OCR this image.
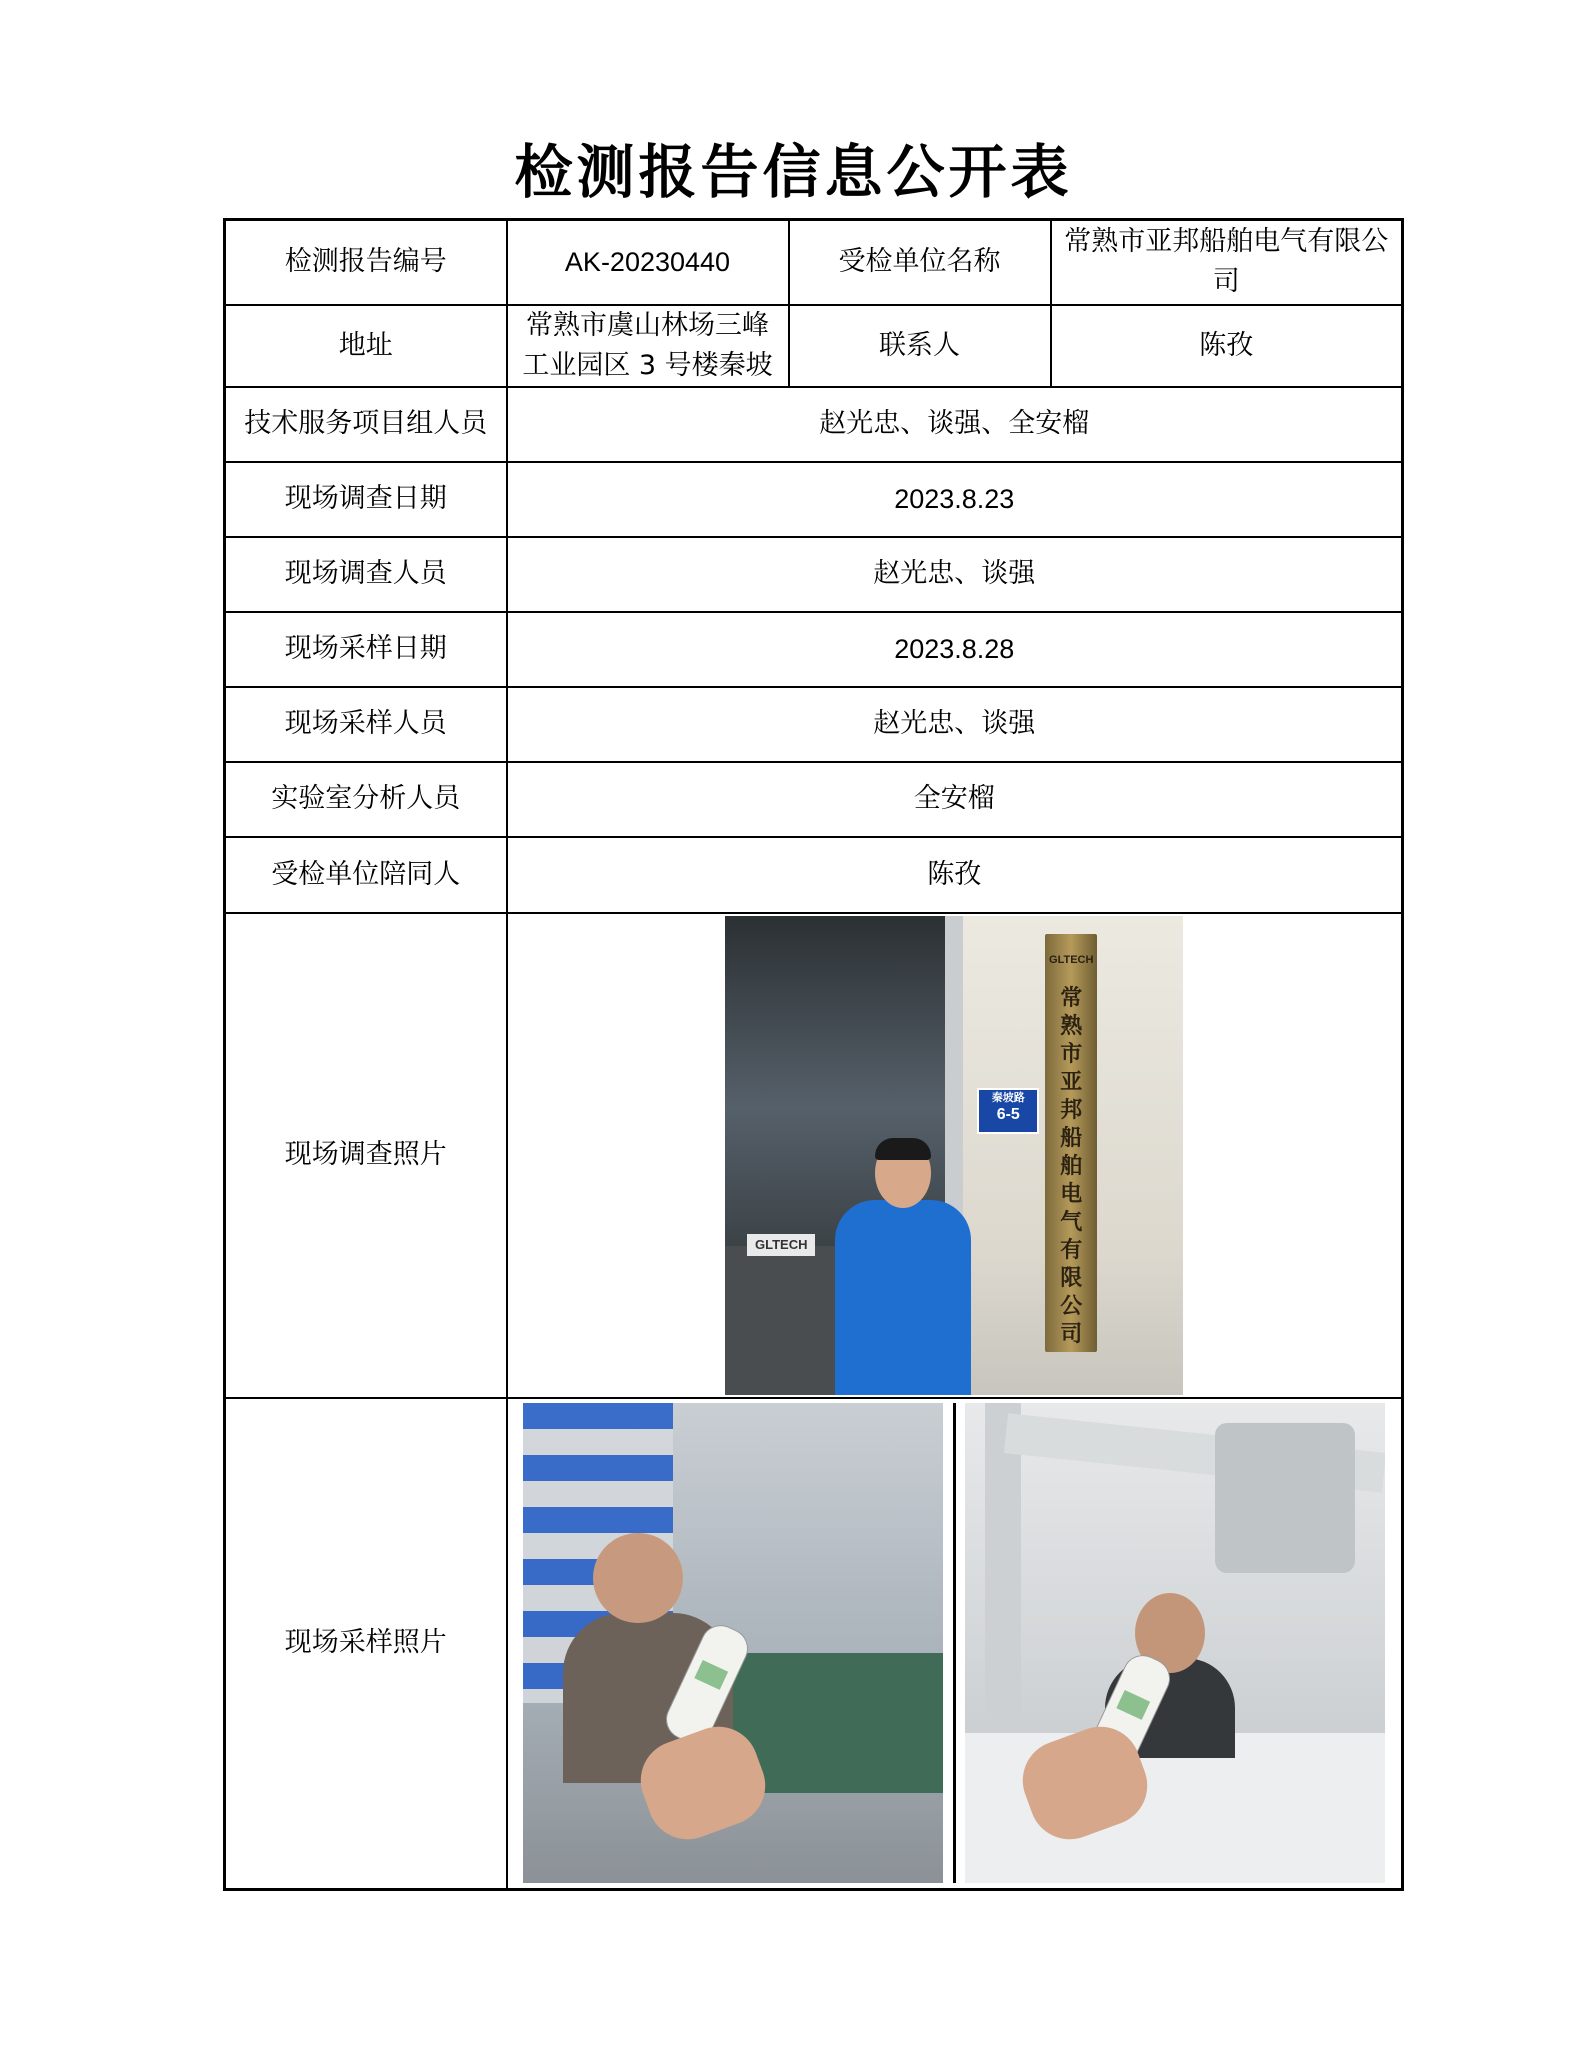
检测报告信息公开表
检测报告编号	AK-20230440	受检单位名称	常熟市亚邦船舶电气有限公司
地址	常熟市虞山林场三峰工业园区 3 号楼秦坡	联系人	陈孜
技术服务项目组人员	赵光忠、谈强、全安榴		
现场调查日期	2023.8.23		
现场调查人员	赵光忠、谈强		
现场采样日期	2023.8.28		
现场采样人员	赵光忠、谈强		
实验室分析人员	全安榴		
受检单位陪同人	陈孜		
现场调查照片	GLTECH
秦坡路
6-5
GLTECH
常熟市亚邦船舶电气有限公司		

现场采样照片			
